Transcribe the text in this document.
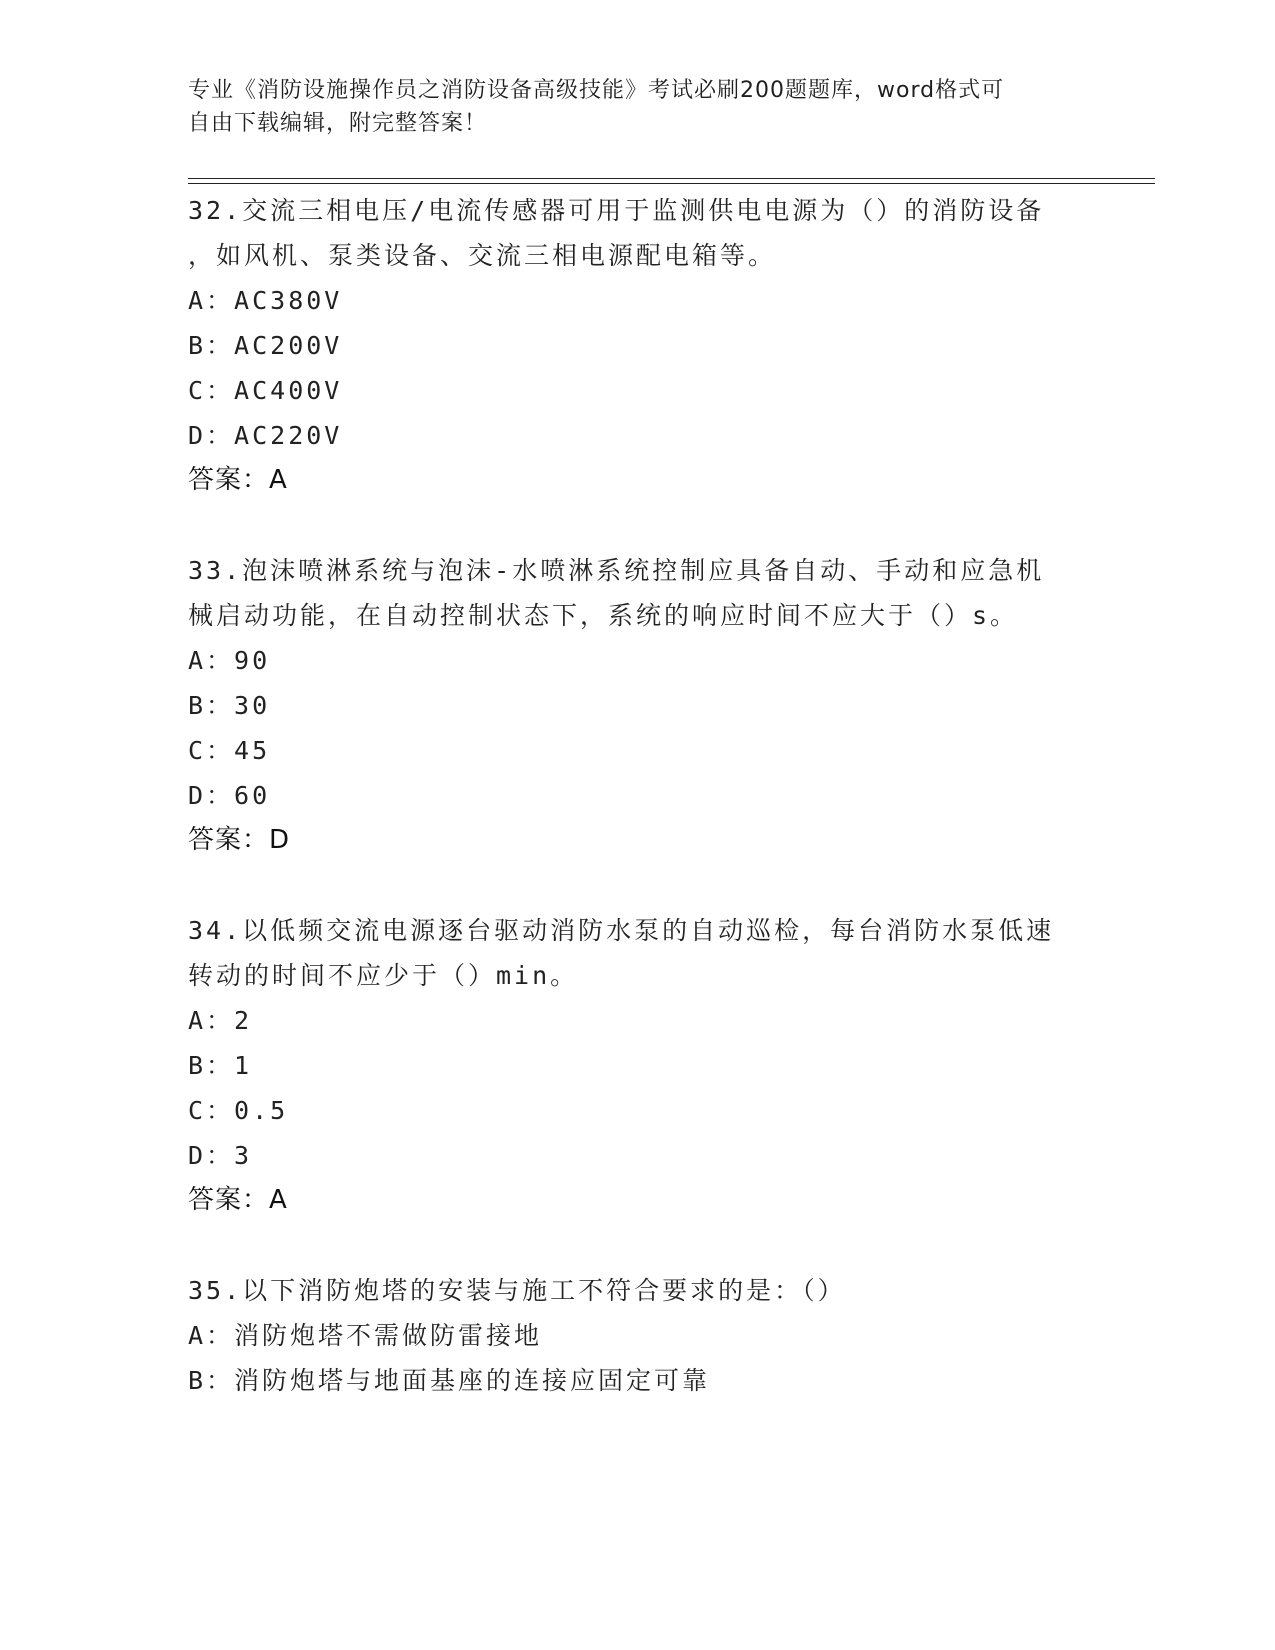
专业《消防设施操作员之消防设备高级技能》考试必刷200题题库，word格式可
自由下载编辑，附完整答案！
32.交流三相电压/电流传感器可用于监测供电电源为（）的消防设备
，如风机、泵类设备、交流三相电源配电箱等。
A：AC380V
B：AC200V
C：AC400V
D：AC220V
答案：A
33.泡沫喷淋系统与泡沫-水喷淋系统控制应具备自动、手动和应急机
械启动功能，在自动控制状态下，系统的响应时间不应大于（）s。
A：90
B：30
C：45
D：60
答案：D
34.以低频交流电源逐台驱动消防水泵的自动巡检，每台消防水泵低速
转动的时间不应少于（）min。
A：2
B：1
C：0.5
D：3
答案：A
35.以下消防炮塔的安装与施工不符合要求的是：（）
A：消防炮塔不需做防雷接地
B：消防炮塔与地面基座的连接应固定可靠
